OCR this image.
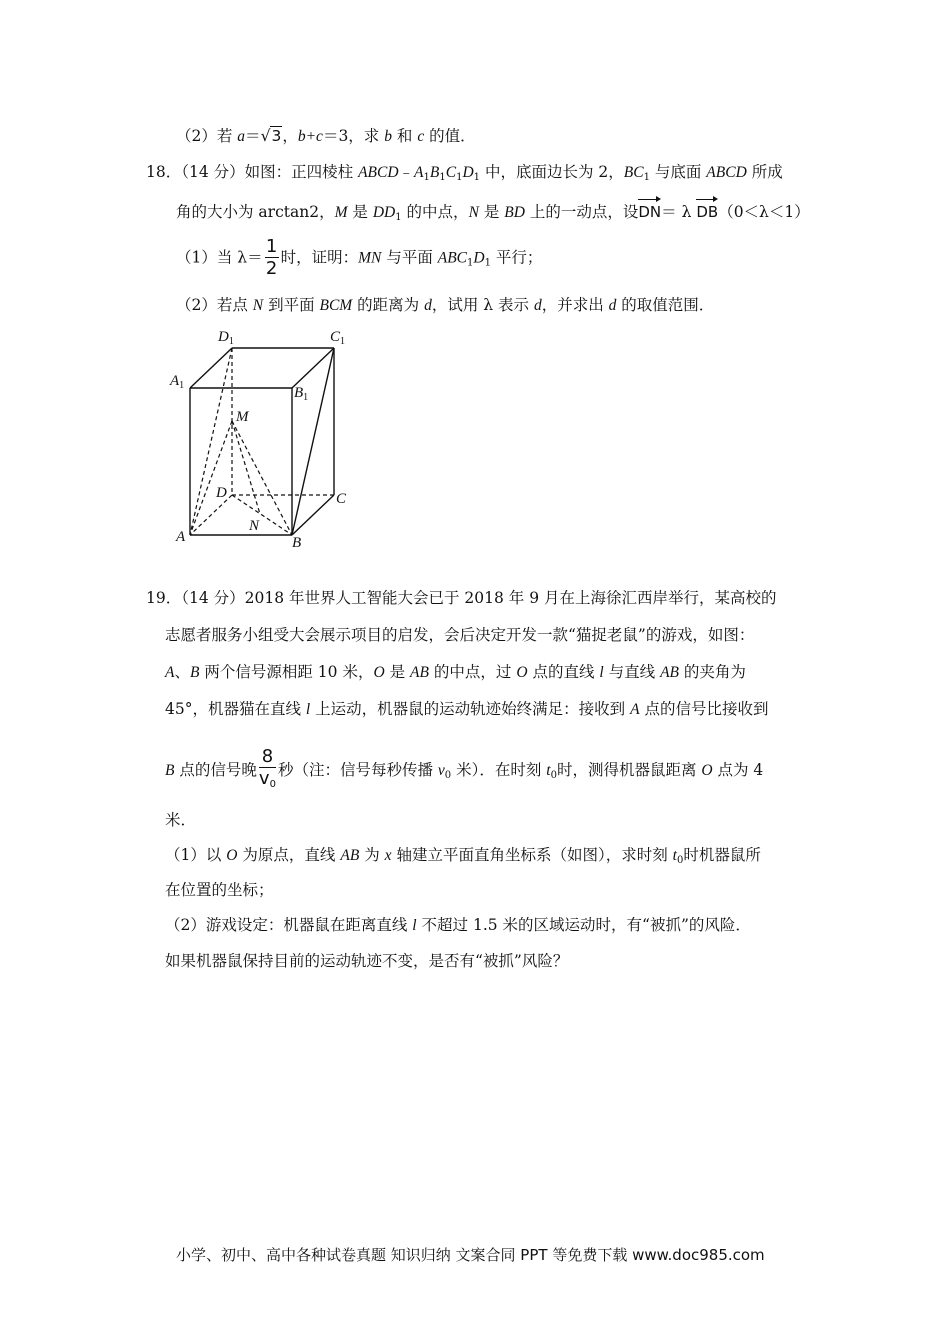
（2）若 a＝√3，b+c＝3，求 b 和 c 的值．
18．（14 分）如图：正四棱柱 $ABCD﹣A_1B_1C_1D_1$ 中，底面边长为 2，$BC_1$ 与底面 ABCD 所成
角的大小为 arctan2，M 是 $DD_1$ 的中点，N 是 BD 上的一动点，设DN＝ λ DB（0＜λ＜1）
（1）当 $\lambda= \frac{1}{2}$ 时，证明：MN 与平面 $ABC_1D_1$ 平行；
（2）若点 N 到平面 BCM 的距离为 d，试用 λ 表示 d，并求出 d 的取值范围．
$D_1$	$C_1$
$A_1$	$B_1$
M
D	C
A
N
B
19．（14 分）2018 年世界人工智能大会已于 2018 年 9 月在上海徐汇西岸举行，某高校的
志愿者服务小组受大会展示项目的启发，会后决定开发一款“猫捉老鼠”的游戏，如图：
A、B 两个信号源相距 10 米，O 是 AB 的中点，过 O 点的直线 l 与直线 AB 的夹角为
45°，机器猫在直线 l 上运动，机器鼠的运动轨迹始终满足：接收到 A 点的信号比接收到
B 点的信号晚 $\frac{8}{v_0}$ 秒（注：信号每秒传播 $v_0$ 米）．在时刻 $t_0$时，测得机器鼠距离 O 点为 4
米．
（1）以 O 为原点，直线 AB 为 x 轴建立平面直角坐标系（如图），求时刻 $t_0$时机器鼠所
在位置的坐标；
（2）游戏设定：机器鼠在距离直线 l 不超过 1.5 米的区域运动时，有“被抓”的风险．
如果机器鼠保持目前的运动轨迹不变，是否有“被抓”风险？
小学、初中、高中各种试卷真题 知识归纳 文案合同 PPT 等免费下载 www.doc985.com
